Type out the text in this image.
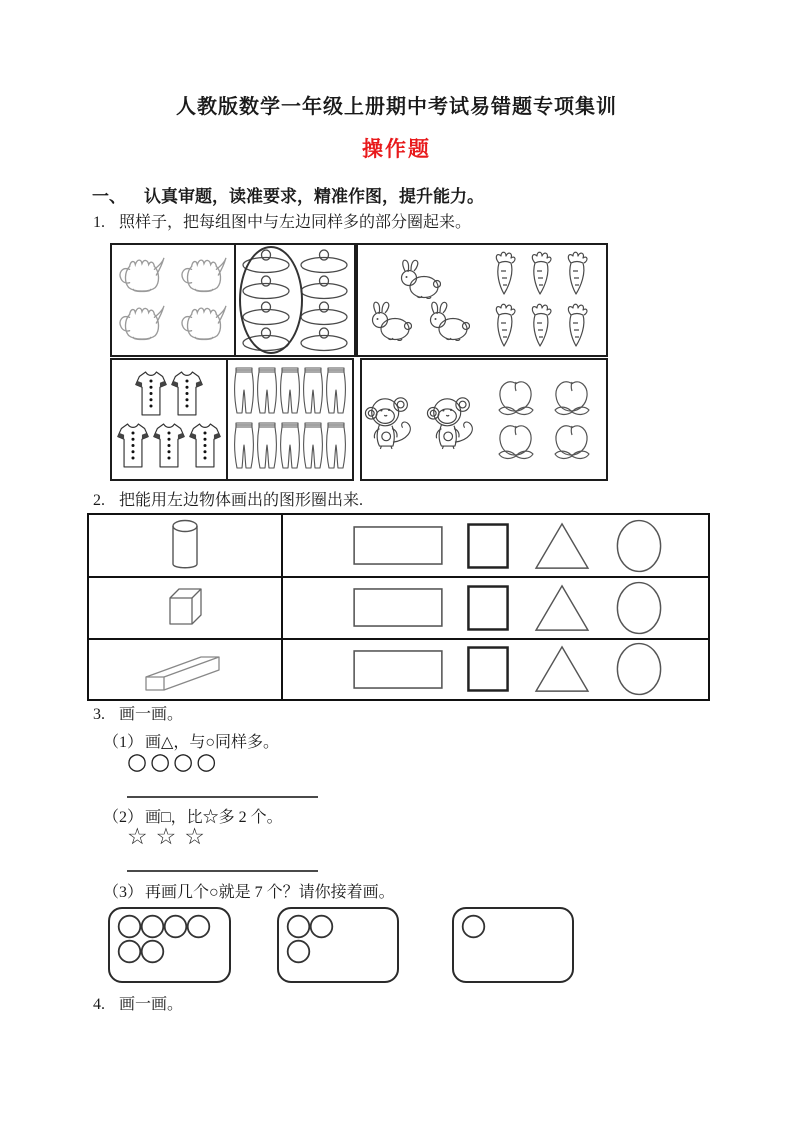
人教版数学一年级上册期中考试易错题专项集训
操作题
一、 认真审题，读准要求，精准作图，提升能力。
1. 照样子，把每组图中与左边同样多的部分圈起来。
2. 把能用左边物体画出的图形圈出来.
3. 画一画。
（1） 画△，与○同样多。
○○○○
（2） 画□，比☆多 2 个。
☆☆☆
（3） 再画几个○就是 7 个？请你接着画。
4. 画一画。
